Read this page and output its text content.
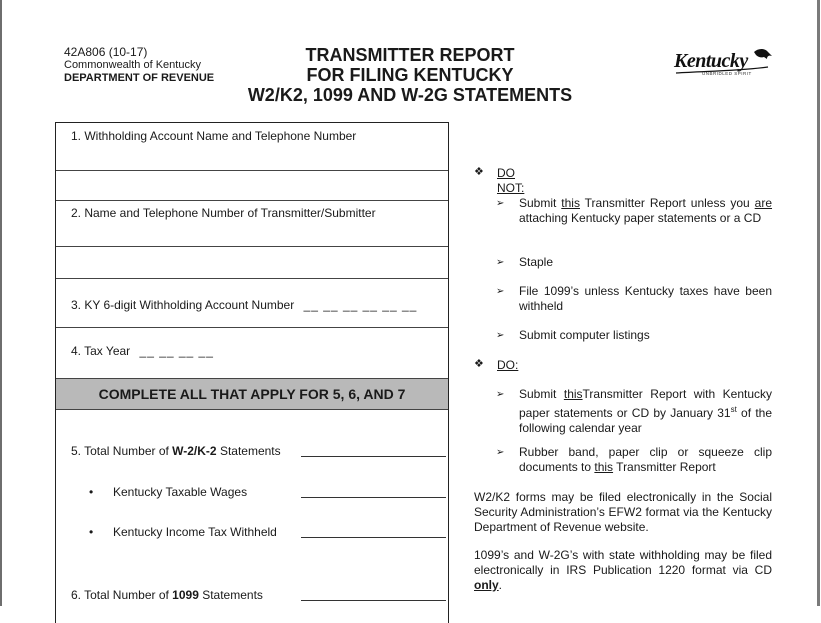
42A806 (10-17)
Commonwealth of Kentucky
DEPARTMENT OF REVENUE
TRANSMITTER REPORT
FOR FILING KENTUCKY
W2/K2, 1099 AND W-2G STATEMENTS
Kentucky
UNBRIDLED SPIRIT
1. Withholding Account Name and Telephone Number
2. Name and Telephone Number of Transmitter/Submitter
3. KY 6-digit Withholding Account Number __ __ __ __ __ __
4. Tax Year __ __ __ __
COMPLETE ALL THAT APPLY FOR 5, 6, AND 7
5. Total Number of W-2/K-2 Statements
• Kentucky Taxable Wages
• Kentucky Income Tax Withheld
6. Total Number of 1099 Statements
❖ DO NOT:
➢ Submit this Transmitter Report unless you are attaching Kentucky paper statements or a CD
➢ Staple
➢ File 1099’s unless Kentucky taxes have been withheld
➢ Submit computer listings
❖ DO:
➢ Submit thisTransmitter Report with Kentucky paper statements or CD by January 31st of the following calendar year
➢ Rubber band, paper clip or squeeze clip documents to this Transmitter Report
W2/K2 forms may be filed electronically in the Social Security Administration’s EFW2 format via the Kentucky Department of Revenue website.
1099’s and W-2G’s with state withholding may be filed electronically in IRS Publication 1220 format via CD only.
